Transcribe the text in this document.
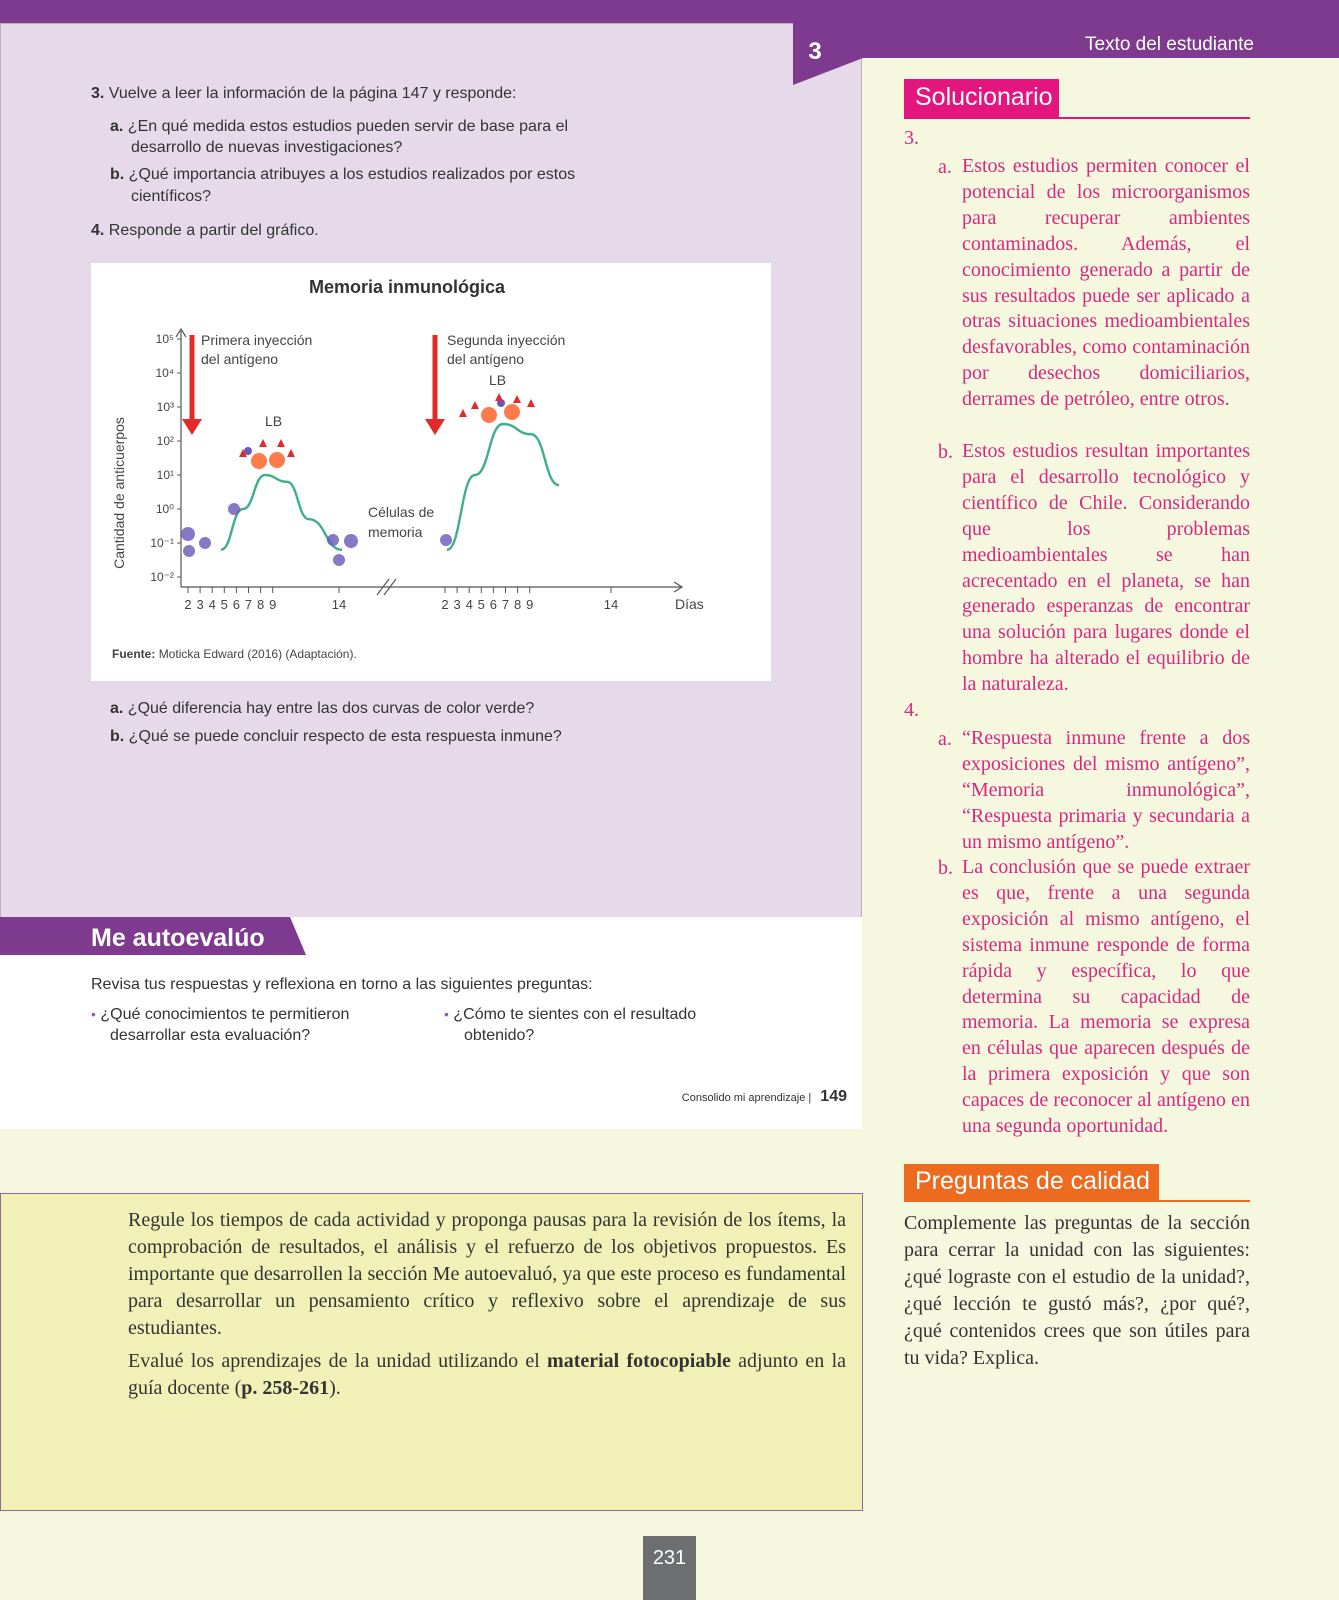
Texto del estudiante
3
3. Vuelve a leer la información de la página 147 y responde:
a. ¿En qué medida estos estudios pueden servir de base para el
desarrollo de nuevas investigaciones?
b. ¿Qué importancia atribuyes a los estudios realizados por estos
científicos?
4. Responde a partir del gráfico.
Memoria inmunológica
Cantidad de anticuerpos
10⁵
10⁴
10³
10²
10¹
10⁰
10⁻¹
10⁻²
2 3 4 5 6 7 8 9	14	2 3 4 5 6 7 8 9	14
Primera inyección
del antígeno
Segunda inyección
del antígeno
LB
LB
Células de
memoria
Días
Fuente: Moticka Edward (2016) (Adaptación).
a. ¿Qué diferencia hay entre las dos curvas de color verde?
b. ¿Qué se puede concluir respecto de esta respuesta inmune?
Me autoevalúo
Revisa tus respuestas y reflexiona en torno a las siguientes preguntas:
• ¿Qué conocimientos te permitieron
desarrollar esta evaluación?
• ¿Cómo te sientes con el resultado
obtenido?
Consolido mi aprendizaje | 149
Solucionario
3.
a. Estos estudios permiten conocer el potencial de los microorganismos para recuperar ambientes contaminados. Además, el conocimiento generado a partir de sus resultados puede ser aplicado a otras situaciones medioambientales desfavorables, como contaminación por desechos domiciliarios, derrames de petróleo, entre otros.
b. Estos estudios resultan importantes para el desarrollo tecnológico y científico de Chile. Considerando que los problemas medioambientales se han acrecentado en el planeta, se han generado esperanzas de encontrar una solución para lugares donde el hombre ha alterado el equilibrio de la naturaleza.
4.
a. “Respuesta inmune frente a dos exposiciones del mismo antígeno”, “Memoria inmunológica”, “Respuesta primaria y secundaria a un mismo antígeno”.
b. La conclusión que se puede extraer es que, frente a una segunda exposición al mismo antígeno, el sistema inmune responde de forma rápida y específica, lo que determina su capacidad de memoria. La memoria se expresa en células que aparecen después de la primera exposición y que son capaces de reconocer al antígeno en una segunda oportunidad.
Preguntas de calidad
Complemente las preguntas de la sección para cerrar la unidad con las siguientes: ¿qué lograste con el estudio de la unidad?, ¿qué lección te gustó más?, ¿por qué?, ¿qué contenidos crees que son útiles para tu vida? Explica.
Regule los tiempos de cada actividad y proponga pausas para la revisión de los ítems, la comprobación de resultados, el análisis y el refuerzo de los objetivos propuestos. Es importante que desarrollen la sección Me autoevaluó, ya que este proceso es fundamental para desarrollar un pensamiento crítico y reflexivo sobre el aprendizaje de sus estudiantes.
Evalué los aprendizajes de la unidad utilizando el material fotocopiable adjunto en la guía docente (p. 258-261).
231
